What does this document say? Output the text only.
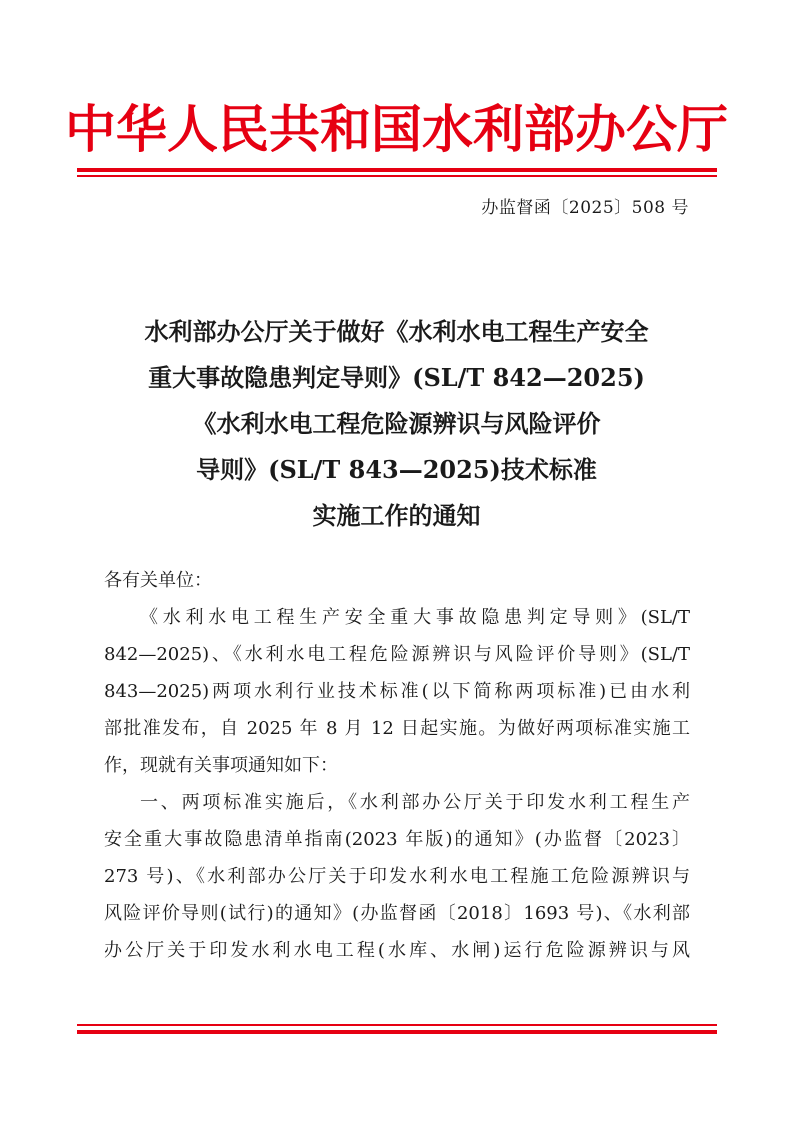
中华人民共和国水利部办公厅
办监督函〔2025〕508 号
水利部办公厅关于做好《水利水电工程生产安全
重大事故隐患判定导则》(SL/T 842—2025)
《水利水电工程危险源辨识与风险评价
导则》(SL/T 843—2025)技术标准
实施工作的通知
各有关单位：
《水利水电工程生产安全重大事故隐患判定导则》(SL/T
842—2025)、《水利水电工程危险源辨识与风险评价导则》(SL/T
843—2025)两项水利行业技术标准(以下简称两项标准)已由水利
部批准发布，自 2025 年 8 月 12 日起实施。为做好两项标准实施工
作，现就有关事项通知如下：
一、两项标准实施后，《水利部办公厅关于印发水利工程生产
安全重大事故隐患清单指南(2023 年版)的通知》(办监督〔2023〕
273 号)、《水利部办公厅关于印发水利水电工程施工危险源辨识与
风险评价导则(试行)的通知》(办监督函〔2018〕1693 号)、《水利部
办公厅关于印发水利水电工程(水库、水闸)运行危险源辨识与风
